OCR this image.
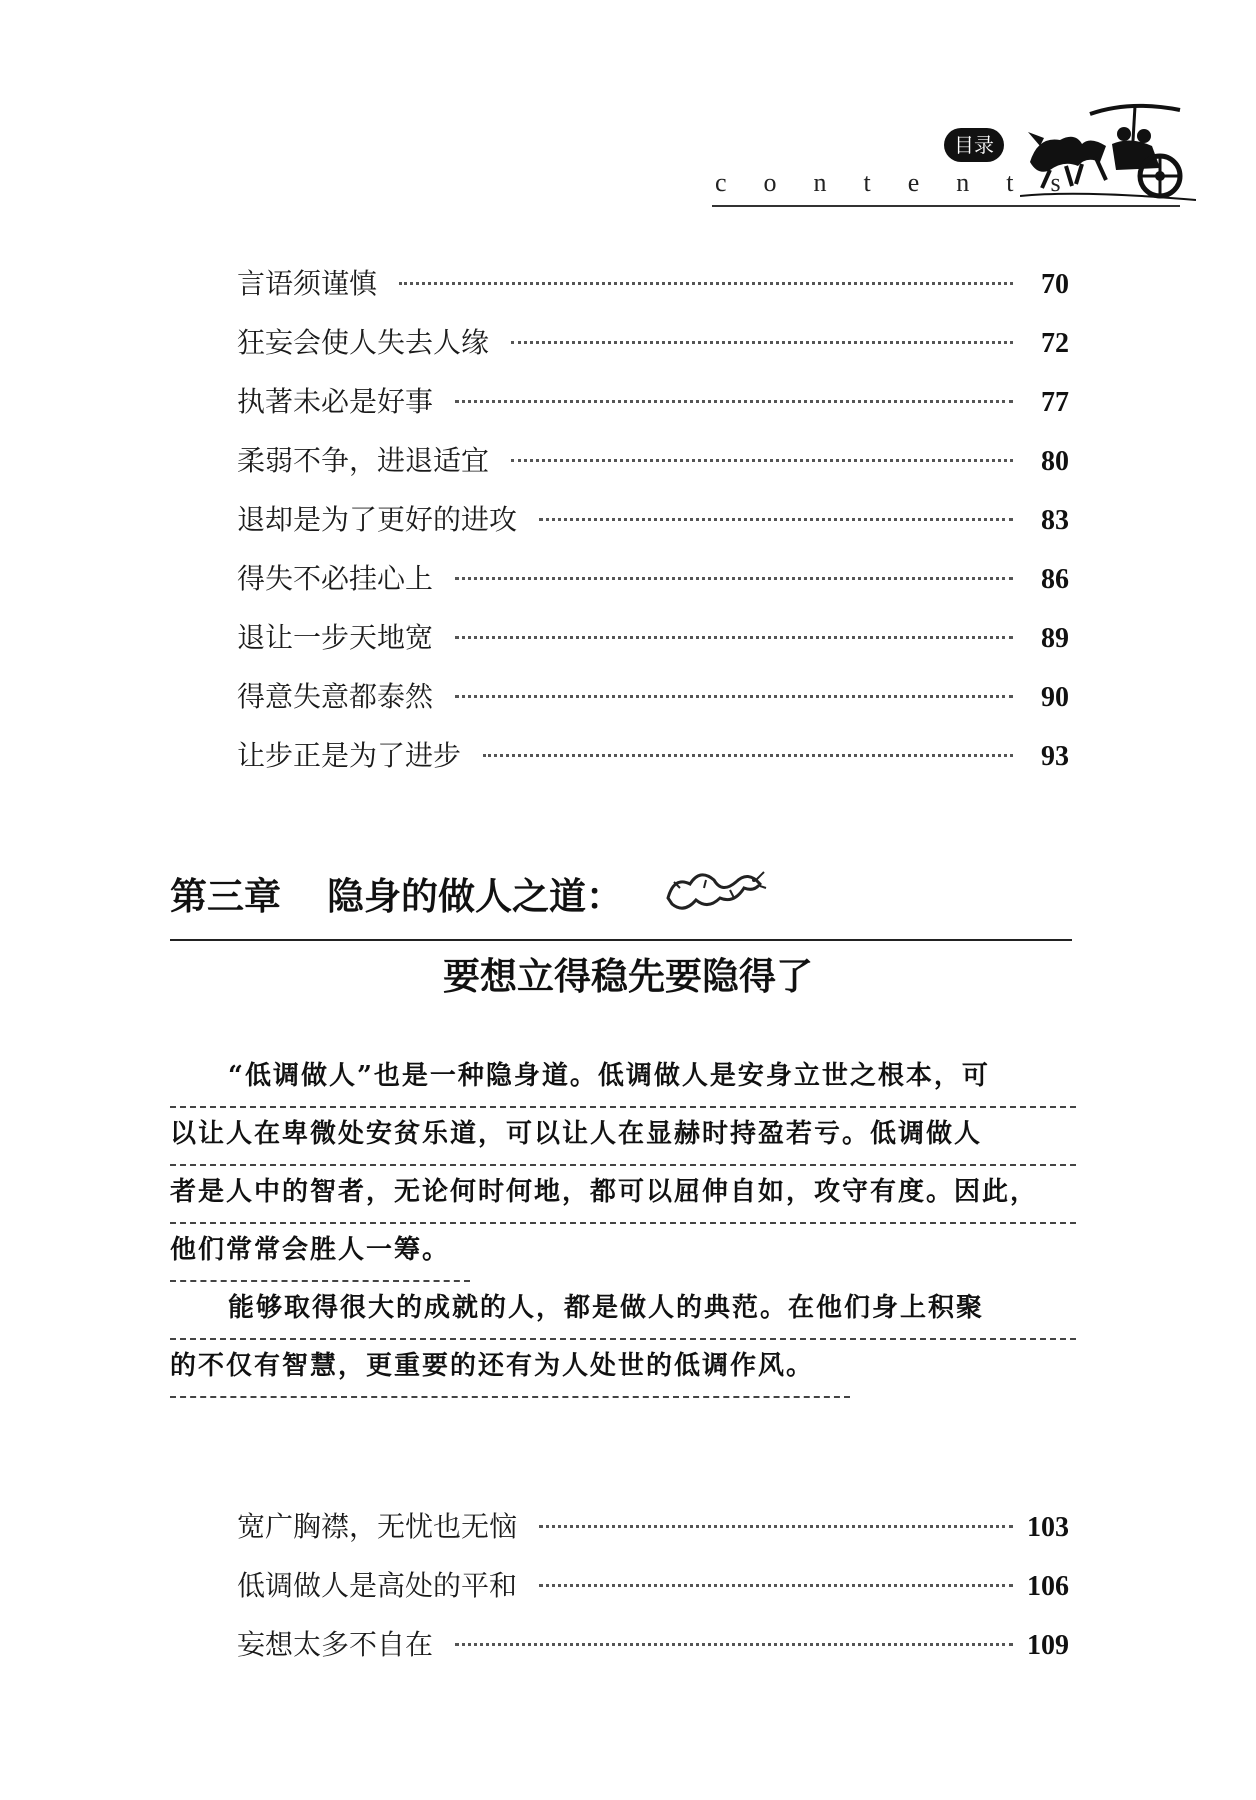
目录
contents
言语须谨慎	70
狂妄会使人失去人缘	72
执著未必是好事	77
柔弱不争，进退适宜	80
退却是为了更好的进攻	83
得失不必挂心上	86
退让一步天地宽	89
得意失意都泰然	90
让步正是为了进步	93
第三章 隐身的做人之道：
要想立得稳先要隐得了
“低调做人”也是一种隐身道。低调做人是安身立世之根本，可
以让人在卑微处安贫乐道，可以让人在显赫时持盈若亏。低调做人
者是人中的智者，无论何时何地，都可以屈伸自如，攻守有度。因此，
他们常常会胜人一筹。
能够取得很大的成就的人，都是做人的典范。在他们身上积聚
的不仅有智慧，更重要的还有为人处世的低调作风。
宽广胸襟，无忧也无恼	103
低调做人是高处的平和	106
妄想太多不自在	109
